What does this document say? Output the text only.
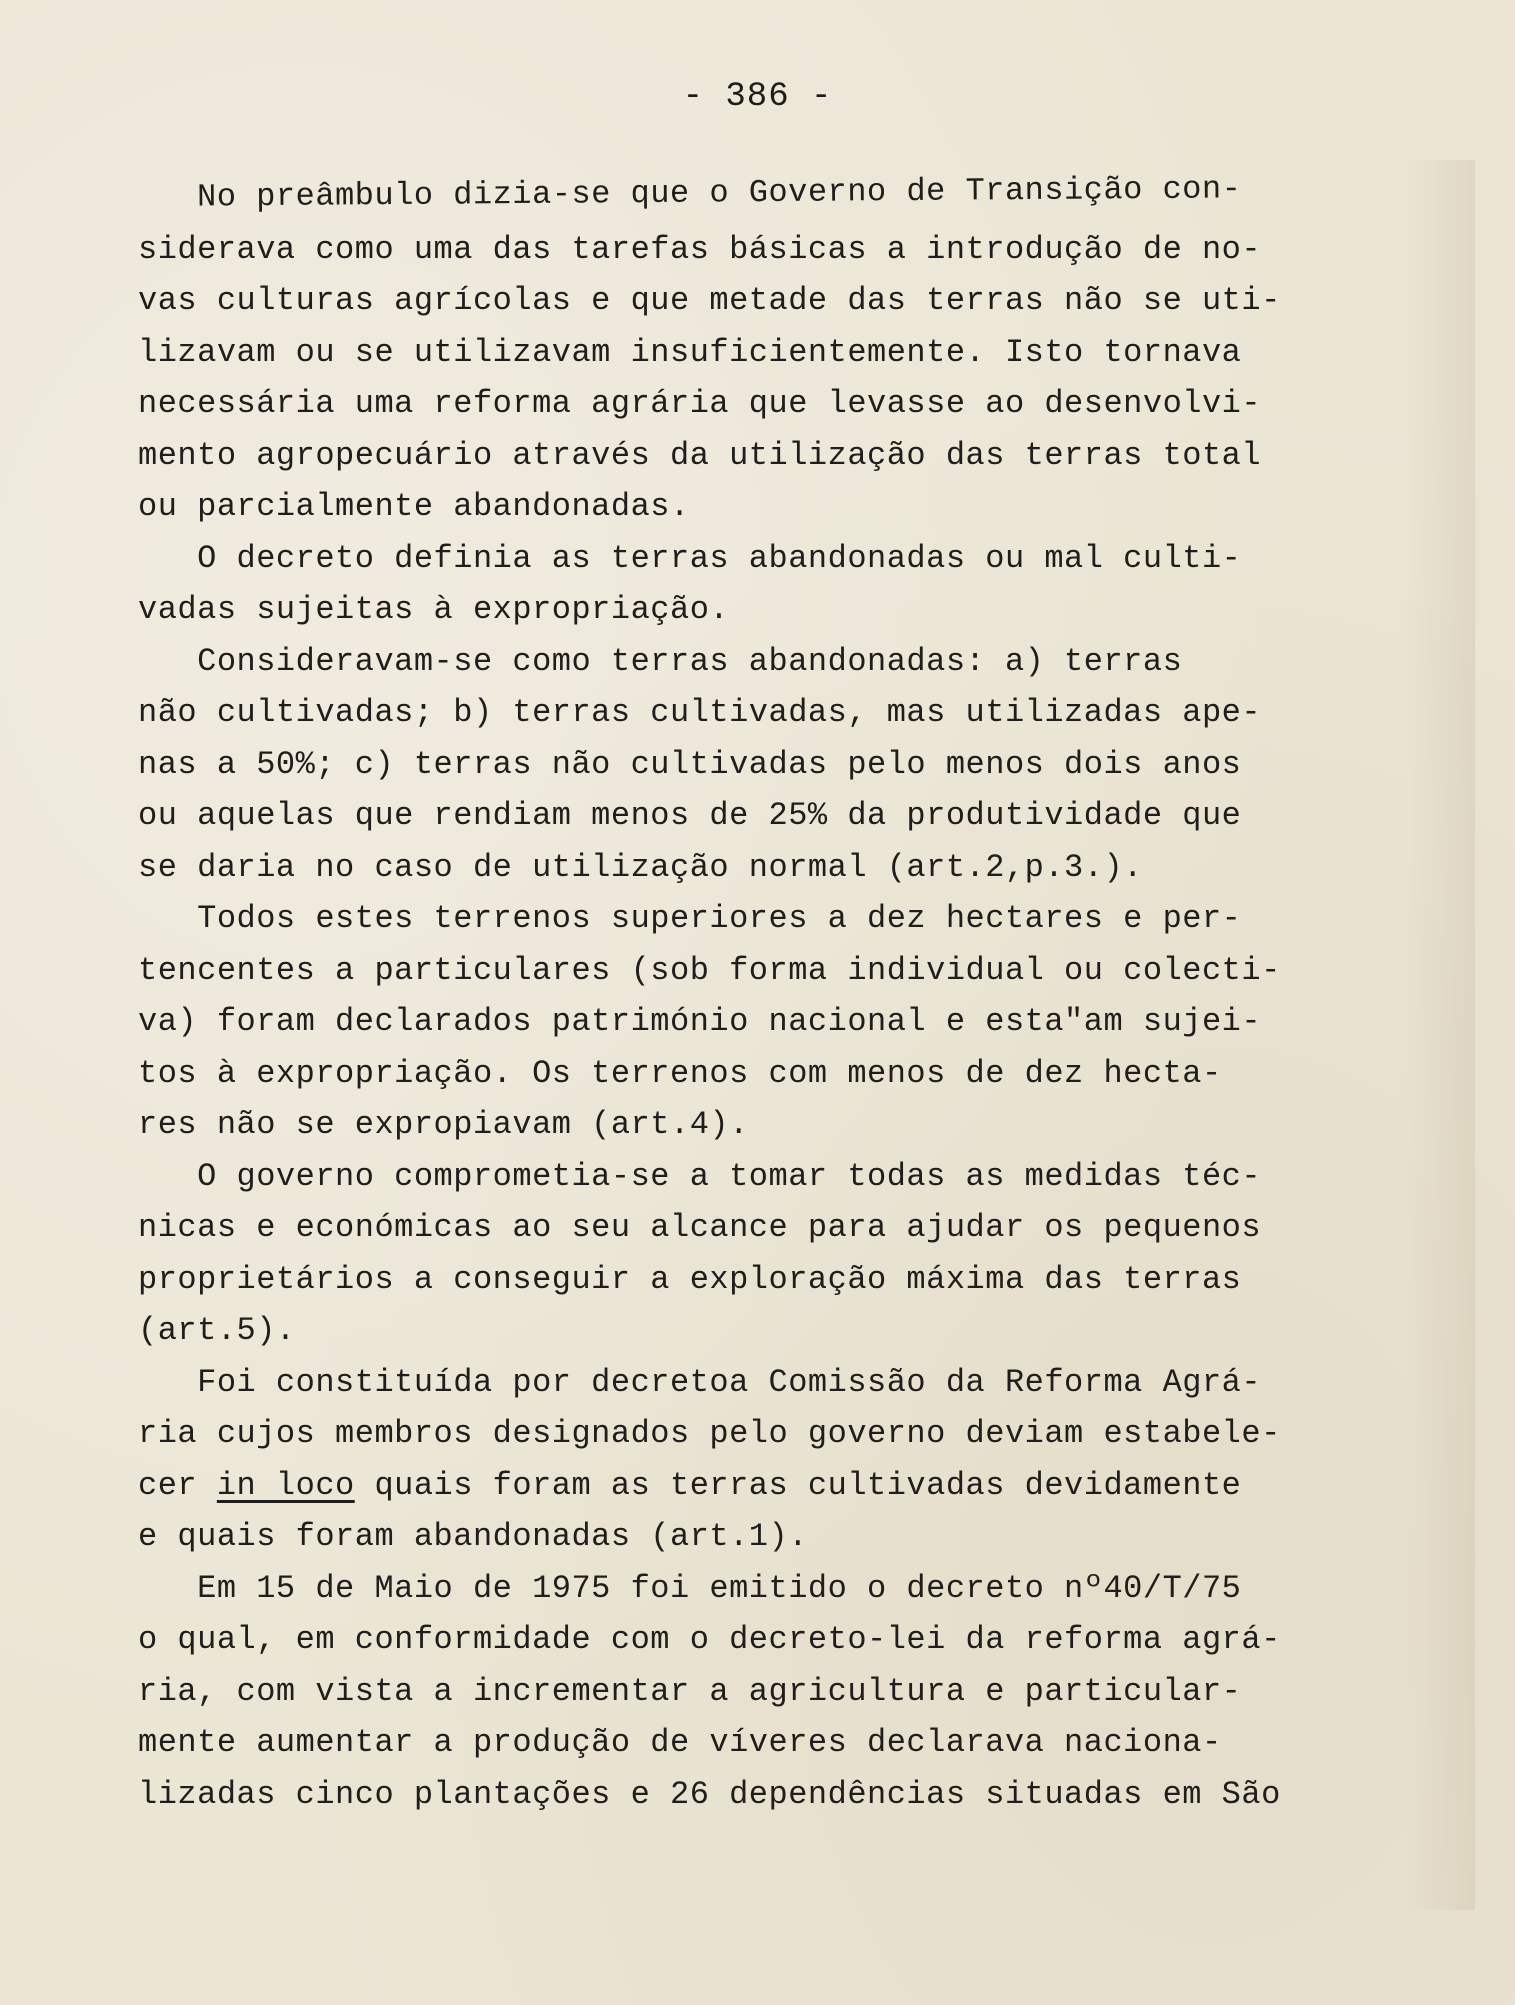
- 386 -
No preâmbulo dizia-se que o Governo de Transição con-
siderava como uma das tarefas básicas a introdução de no-
vas culturas agrícolas e que metade das terras não se uti-
lizavam ou se utilizavam insuficientemente. Isto tornava
necessária uma reforma agrária que levasse ao desenvolvi-
mento agropecuário através da utilização das terras total
ou parcialmente abandonadas.
O decreto definia as terras abandonadas ou mal culti-
vadas sujeitas à expropriação.
Consideravam-se como terras abandonadas: a) terras
não cultivadas; b) terras cultivadas, mas utilizadas ape-
nas a 50%; c) terras não cultivadas pelo menos dois anos
ou aquelas que rendiam menos de 25% da produtividade que
se daria no caso de utilização normal (art.2,p.3.).
Todos estes terrenos superiores a dez hectares e per-
tencentes a particulares (sob forma individual ou colecti-
va) foram declarados património nacional e esta"am sujei-
tos à expropriação. Os terrenos com menos de dez hecta-
res não se expropiavam (art.4).
O governo comprometia-se a tomar todas as medidas téc-
nicas e económicas ao seu alcance para ajudar os pequenos
proprietários a conseguir a exploração máxima das terras
(art.5).
Foi constituída por decretoa Comissão da Reforma Agrá-
ria cujos membros designados pelo governo deviam estabele-
cer in loco quais foram as terras cultivadas devidamente
e quais foram abandonadas (art.1).
Em 15 de Maio de 1975 foi emitido o decreto nº40/T/75
o qual, em conformidade com o decreto-lei da reforma agrá-
ria, com vista a incrementar a agricultura e particular-
mente aumentar a produção de víveres declarava naciona-
lizadas cinco plantações e 26 dependências situadas em São
